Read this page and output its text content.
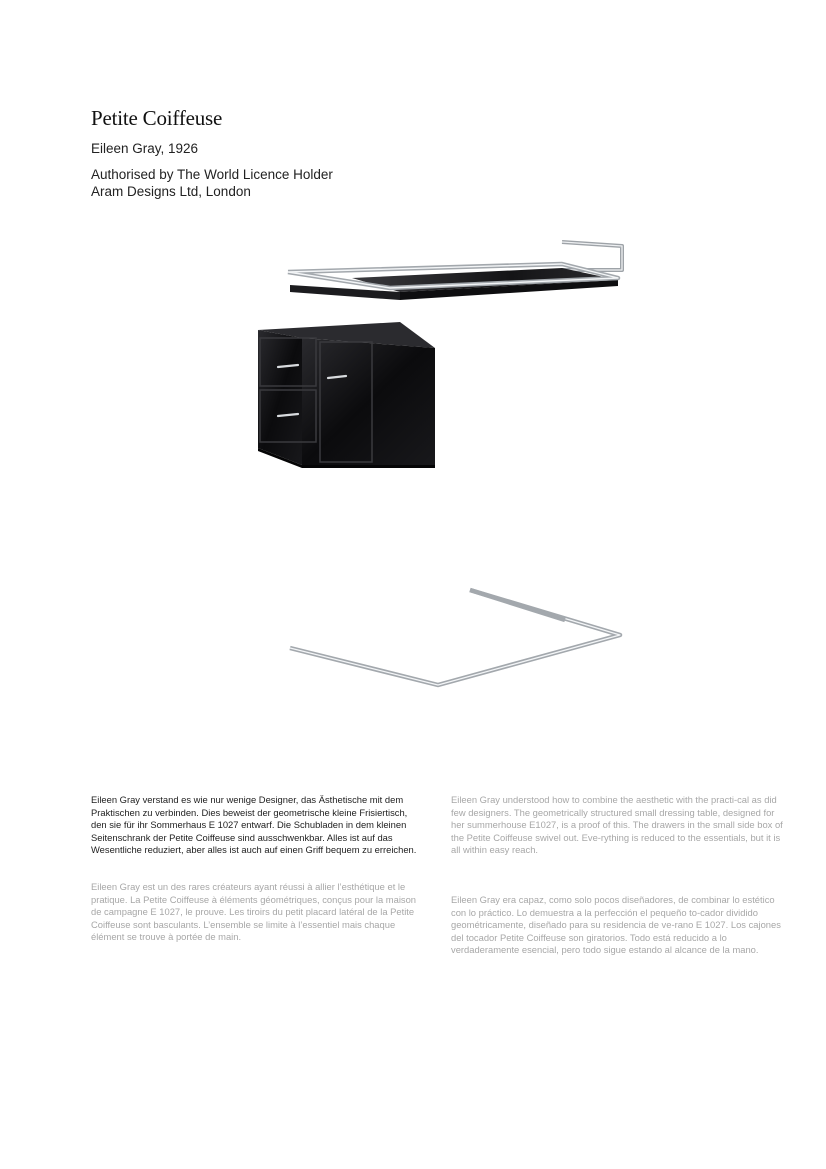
Petite Coiffeuse
Eileen Gray, 1926
Authorised by The World Licence Holder
Aram Designs Ltd, London

Eileen Gray verstand es wie nur wenige Designer, das Ästhetische mit dem Praktischen zu verbinden. Dies beweist der geometrische kleine Frisiertisch, den sie für ihr Sommerhaus E 1027 entwarf. Die Schubladen in dem kleinen Seitenschrank der Petite Coiffeuse sind ausschwenkbar. Alles ist auf das Wesentliche reduziert, aber alles ist auch auf einen Griff bequem zu erreichen.

Eileen Gray est un des rares créateurs ayant réussi à allier l’esthétique et le pratique. La Petite Coiffeuse à éléments géométriques, conçus pour la maison de campagne E 1027, le prouve. Les tiroirs du petit placard latéral de la Petite Coiffeuse sont basculants. L’ensemble se limite à l’essentiel mais chaque élément se trouve à portée de main.

Eileen Gray understood how to combine the aesthetic with the practi-cal as did few designers. The geometrically structured small dressing table, designed for her summerhouse E1027, is a proof of this. The drawers in the small side box of the Petite Coiffeuse swivel out. Eve-rything is reduced to the essentials, but it is all within easy reach.

Eileen Gray era capaz, como solo pocos diseñadores, de combinar lo estético con lo práctico. Lo demuestra a la perfección el pequeño to-cador dividido geométricamente, diseñado para su residencia de ve-rano E 1027. Los cajones del tocador Petite Coiffeuse son giratorios. Todo está reducido a lo verdaderamente esencial, pero todo sigue estando al alcance de la mano.
